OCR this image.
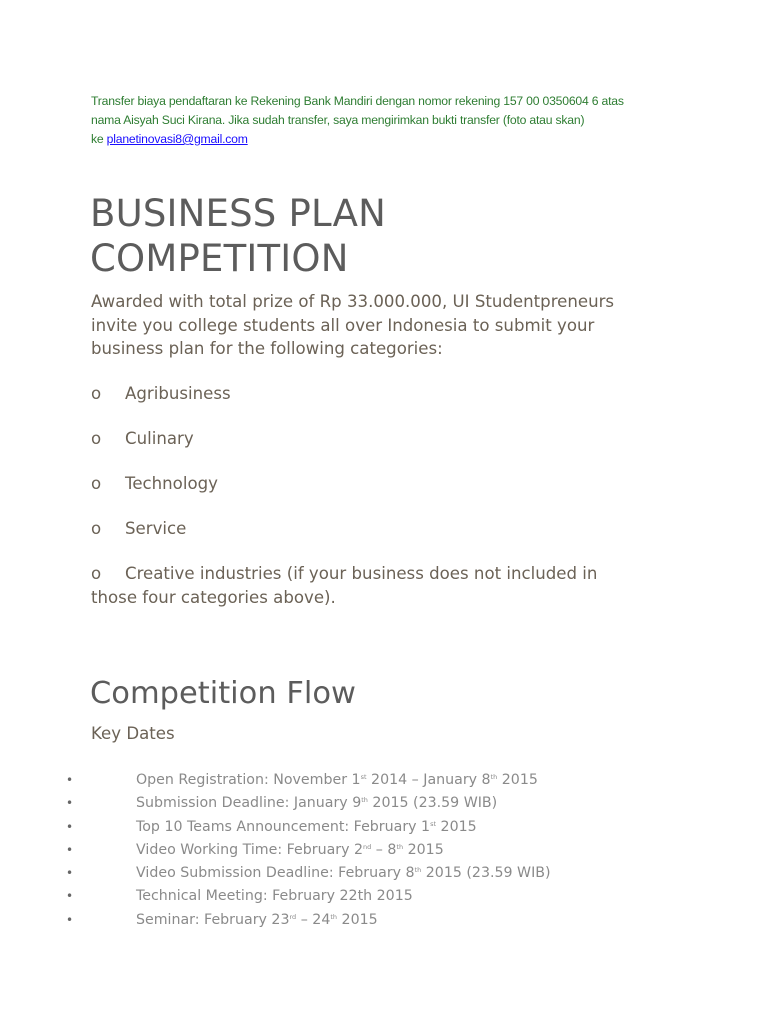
Transfer biaya pendaftaran ke Rekening Bank Mandiri dengan nomor rekening 157 00 0350604 6 atas
nama Aisyah Suci Kirana. Jika sudah transfer, saya mengirimkan bukti transfer (foto atau skan)
ke planetinovasi8@gmail.com
BUSINESS PLAN
COMPETITION

Awarded with total prize of Rp 33.000.000, UI Studentpreneurs
invite you college students all over Indonesia to submit your
business plan for the following categories:

o Agribusiness
o Culinary
o Technology
o Service
o Creative industries (if your business does not included in
those four categories above).
Competition Flow
Key Dates
•	Open Registration: November 1st 2014 – January 8th 2015
•	Submission Deadline: January 9th 2015 (23.59 WIB)
•	Top 10 Teams Announcement: February 1st 2015
•	Video Working Time: February 2nd – 8th 2015
•	Video Submission Deadline: February 8th 2015 (23.59 WIB)
•	Technical Meeting: February 22th 2015
•	Seminar: February 23rd – 24th 2015
